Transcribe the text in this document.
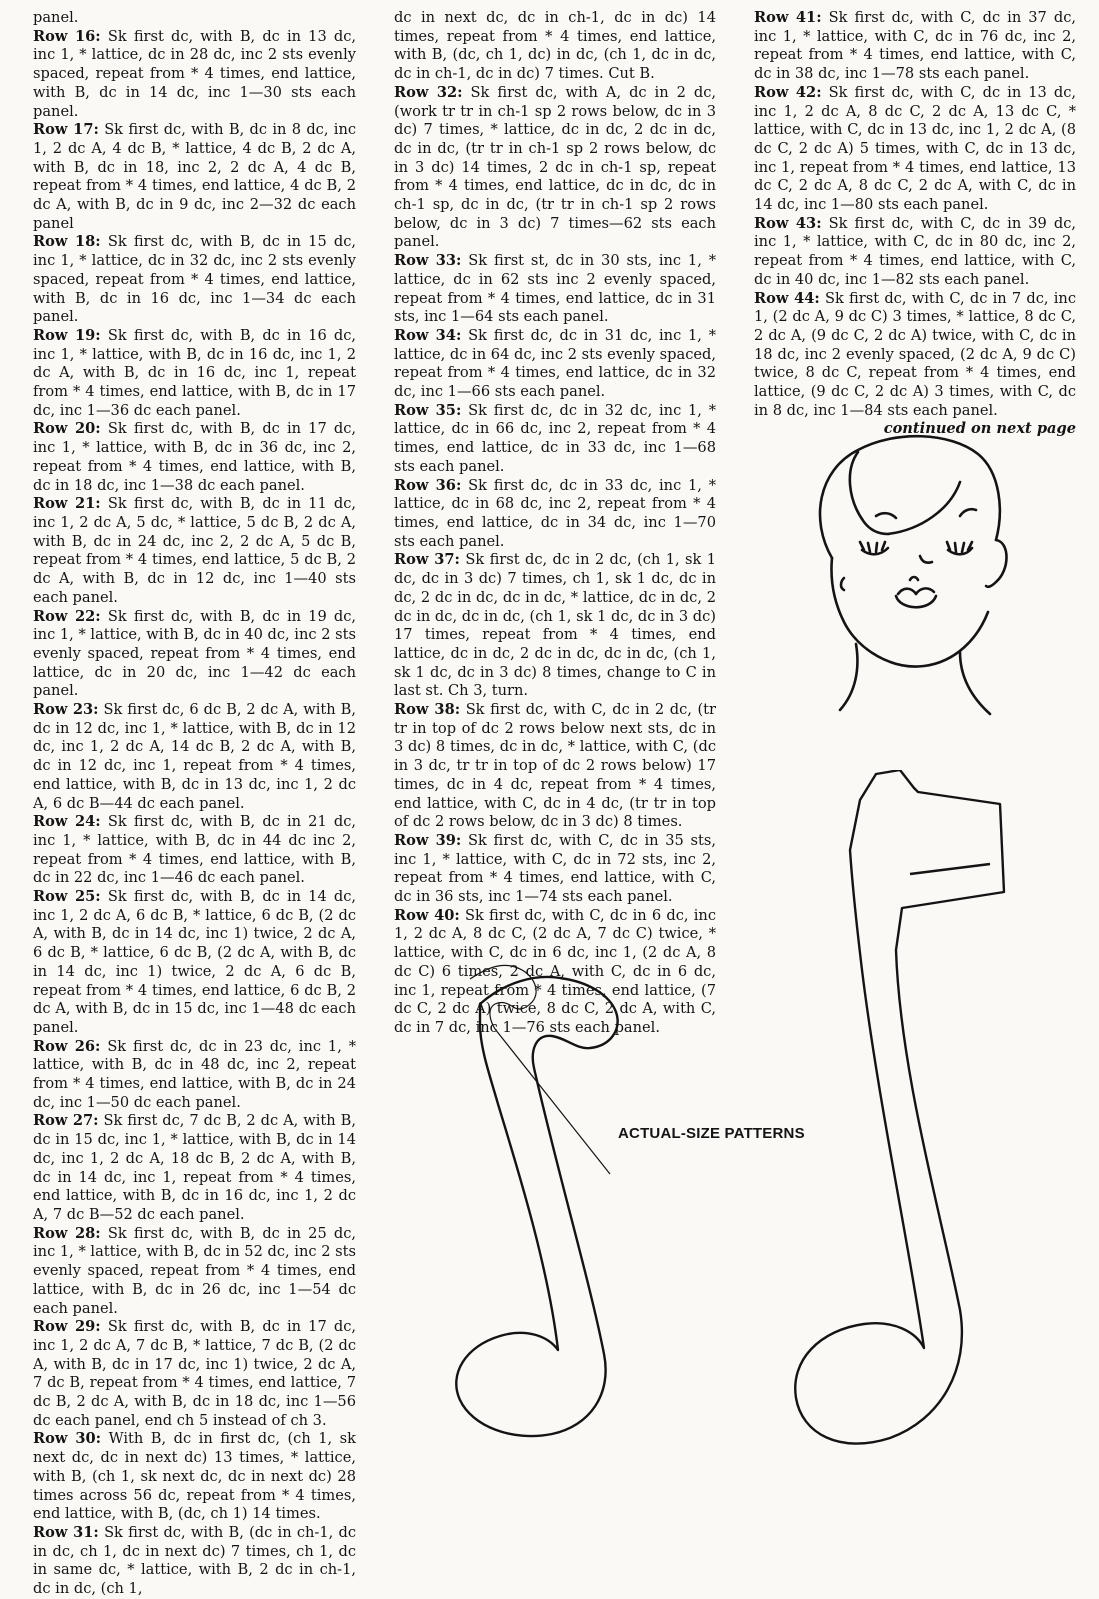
panel.

Row 16: Sk first dc, with B, dc in 13 dc, inc 1, * lattice, dc in 28 dc, inc 2 sts evenly spaced, repeat from * 4 times, end lattice, with B, dc in 14 dc, inc 1—30 sts each panel.

Row 17: Sk first dc, with B, dc in 8 dc, inc 1, 2 dc A, 4 dc B, * lattice, 4 dc B, 2 dc A, with B, dc in 18, inc 2, 2 dc A, 4 dc B, repeat from * 4 times, end lattice, 4 dc B, 2 dc A, with B, dc in 9 dc, inc 2—32 dc each panel

Row 18: Sk first dc, with B, dc in 15 dc, inc 1, * lattice, dc in 32 dc, inc 2 sts evenly spaced, repeat from * 4 times, end lattice, with B, dc in 16 dc, inc 1—34 dc each panel.

Row 19: Sk first dc, with B, dc in 16 dc, inc 1, * lattice, with B, dc in 16 dc, inc 1, 2 dc A, with B, dc in 16 dc, inc 1, repeat from * 4 times, end lattice, with B, dc in 17 dc, inc 1—36 dc each panel.

Row 20: Sk first dc, with B, dc in 17 dc, inc 1, * lattice, with B, dc in 36 dc, inc 2, repeat from * 4 times, end lattice, with B, dc in 18 dc, inc 1—38 dc each panel.

Row 21: Sk first dc, with B, dc in 11 dc, inc 1, 2 dc A, 5 dc, * lattice, 5 dc B, 2 dc A, with B, dc in 24 dc, inc 2, 2 dc A, 5 dc B, repeat from * 4 times, end lattice, 5 dc B, 2 dc A, with B, dc in 12 dc, inc 1—40 sts each panel.

Row 22: Sk first dc, with B, dc in 19 dc, inc 1, * lattice, with B, dc in 40 dc, inc 2 sts evenly spaced, repeat from * 4 times, end lattice, dc in 20 dc, inc 1—42 dc each panel.

Row 23: Sk first dc, 6 dc B, 2 dc A, with B, dc in 12 dc, inc 1, * lattice, with B, dc in 12 dc, inc 1, 2 dc A, 14 dc B, 2 dc A, with B, dc in 12 dc, inc 1, repeat from * 4 times, end lattice, with B, dc in 13 dc, inc 1, 2 dc A, 6 dc B—44 dc each panel.

Row 24: Sk first dc, with B, dc in 21 dc, inc 1, * lattice, with B, dc in 44 dc inc 2, repeat from * 4 times, end lattice, with B, dc in 22 dc, inc 1—46 dc each panel.

Row 25: Sk first dc, with B, dc in 14 dc, inc 1, 2 dc A, 6 dc B, * lattice, 6 dc B, (2 dc A, with B, dc in 14 dc, inc 1) twice, 2 dc A, 6 dc B, * lattice, 6 dc B, (2 dc A, with B, dc in 14 dc, inc 1) twice, 2 dc A, 6 dc B, repeat from * 4 times, end lattice, 6 dc B, 2 dc A, with B, dc in 15 dc, inc 1—48 dc each panel.

Row 26: Sk first dc, dc in 23 dc, inc 1, * lattice, with B, dc in 48 dc, inc 2, repeat from * 4 times, end lattice, with B, dc in 24 dc, inc 1—50 dc each panel.

Row 27: Sk first dc, 7 dc B, 2 dc A, with B, dc in 15 dc, inc 1, * lattice, with B, dc in 14 dc, inc 1, 2 dc A, 18 dc B, 2 dc A, with B, dc in 14 dc, inc 1, repeat from * 4 times, end lattice, with B, dc in 16 dc, inc 1, 2 dc A, 7 dc B—52 dc each panel.

Row 28: Sk first dc, with B, dc in 25 dc, inc 1, * lattice, with B, dc in 52 dc, inc 2 sts evenly spaced, repeat from * 4 times, end lattice, with B, dc in 26 dc, inc 1—54 dc each panel.

Row 29: Sk first dc, with B, dc in 17 dc, inc 1, 2 dc A, 7 dc B, * lattice, 7 dc B, (2 dc A, with B, dc in 17 dc, inc 1) twice, 2 dc A, 7 dc B, repeat from * 4 times, end lattice, 7 dc B, 2 dc A, with B, dc in 18 dc, inc 1—56 dc each panel, end ch 5 instead of ch 3.

Row 30: With B, dc in first dc, (ch 1, sk next dc, dc in next dc) 13 times, * lattice, with B, (ch 1, sk next dc, dc in next dc) 28 times across 56 dc, repeat from * 4 times, end lattice, with B, (dc, ch 1) 14 times.

Row 31: Sk first dc, with B, (dc in ch-1, dc in dc, ch 1, dc in next dc) 7 times, ch 1, dc in same dc, * lattice, with B, 2 dc in ch-1, dc in dc, (ch 1,

dc in next dc, dc in ch-1, dc in dc) 14 times, repeat from * 4 times, end lattice, with B, (dc, ch 1, dc) in dc, (ch 1, dc in dc, dc in ch-1, dc in dc) 7 times. Cut B.

Row 32: Sk first dc, with A, dc in 2 dc, (work tr tr in ch-1 sp 2 rows below, dc in 3 dc) 7 times, * lattice, dc in dc, 2 dc in dc, dc in dc, (tr tr in ch-1 sp 2 rows below, dc in 3 dc) 14 times, 2 dc in ch-1 sp, repeat from * 4 times, end lattice, dc in dc, dc in ch-1 sp, dc in dc, (tr tr in ch-1 sp 2 rows below, dc in 3 dc) 7 times—62 sts each panel.

Row 33: Sk first st, dc in 30 sts, inc 1, * lattice, dc in 62 sts inc 2 evenly spaced, repeat from * 4 times, end lattice, dc in 31 sts, inc 1—64 sts each panel.

Row 34: Sk first dc, dc in 31 dc, inc 1, * lattice, dc in 64 dc, inc 2 sts evenly spaced, repeat from * 4 times, end lattice, dc in 32 dc, inc 1—66 sts each panel.

Row 35: Sk first dc, dc in 32 dc, inc 1, * lattice, dc in 66 dc, inc 2, repeat from * 4 times, end lattice, dc in 33 dc, inc 1—68 sts each panel.

Row 36: Sk first dc, dc in 33 dc, inc 1, * lattice, dc in 68 dc, inc 2, repeat from * 4 times, end lattice, dc in 34 dc, inc 1—70 sts each panel.

Row 37: Sk first dc, dc in 2 dc, (ch 1, sk 1 dc, dc in 3 dc) 7 times, ch 1, sk 1 dc, dc in dc, 2 dc in dc, dc in dc, * lattice, dc in dc, 2 dc in dc, dc in dc, (ch 1, sk 1 dc, dc in 3 dc) 17 times, repeat from * 4 times, end lattice, dc in dc, 2 dc in dc, dc in dc, (ch 1, sk 1 dc, dc in 3 dc) 8 times, change to C in last st. Ch 3, turn.

Row 38: Sk first dc, with C, dc in 2 dc, (tr tr in top of dc 2 rows below next sts, dc in 3 dc) 8 times, dc in dc, * lattice, with C, (dc in 3 dc, tr tr in top of dc 2 rows below) 17 times, dc in 4 dc, repeat from * 4 times, end lattice, with C, dc in 4 dc, (tr tr in top of dc 2 rows below, dc in 3 dc) 8 times.

Row 39: Sk first dc, with C, dc in 35 sts, inc 1, * lattice, with C, dc in 72 sts, inc 2, repeat from * 4 times, end lattice, with C, dc in 36 sts, inc 1—74 sts each panel.

Row 40: Sk first dc, with C, dc in 6 dc, inc 1, 2 dc A, 8 dc C, (2 dc A, 7 dc C) twice, * lattice, with C, dc in 6 dc, inc 1, (2 dc A, 8 dc C) 6 times, 2 dc A, with C, dc in 6 dc, inc 1, repeat from * 4 times, end lattice, (7 dc C, 2 dc A) twice, 8 dc C, 2 dc A, with C, dc in 7 dc, inc 1—76 sts each panel.

Row 41: Sk first dc, with C, dc in 37 dc, inc 1, * lattice, with C, dc in 76 dc, inc 2, repeat from * 4 times, end lattice, with C, dc in 38 dc, inc 1—78 sts each panel.

Row 42: Sk first dc, with C, dc in 13 dc, inc 1, 2 dc A, 8 dc C, 2 dc A, 13 dc C, * lattice, with C, dc in 13 dc, inc 1, 2 dc A, (8 dc C, 2 dc A) 5 times, with C, dc in 13 dc, inc 1, repeat from * 4 times, end lattice, 13 dc C, 2 dc A, 8 dc C, 2 dc A, with C, dc in 14 dc, inc 1—80 sts each panel.

Row 43: Sk first dc, with C, dc in 39 dc, inc 1, * lattice, with C, dc in 80 dc, inc 2, repeat from * 4 times, end lattice, with C, dc in 40 dc, inc 1—82 sts each panel.

Row 44: Sk first dc, with C, dc in 7 dc, inc 1, (2 dc A, 9 dc C) 3 times, * lattice, 8 dc C, 2 dc A, (9 dc C, 2 dc A) twice, with C, dc in 18 dc, inc 2 evenly spaced, (2 dc A, 9 dc C) twice, 8 dc C, repeat from * 4 times, end lattice, (9 dc C, 2 dc A) 3 times, with C, dc in 8 dc, inc 1—84 sts each panel.

continued on next page
ACTUAL-SIZE PATTERNS
